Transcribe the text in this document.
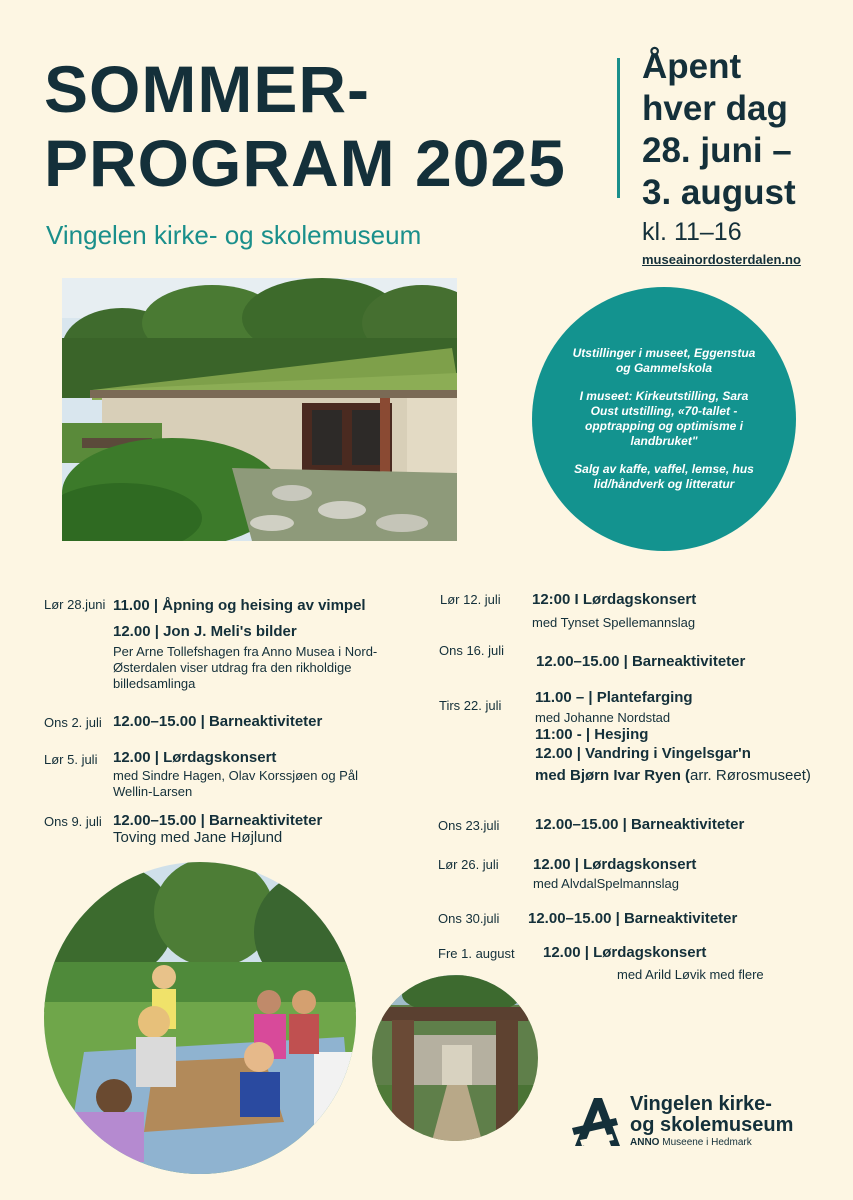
SOMMER-
PROGRAM 2025
Vingelen kirke- og skolemuseum
Åpent
hver dag
28. juni –
3. august
kl. 11–16
museainordosterdalen.no

Utstillinger i museet, Eggenstua og Gammelskola

I museet: Kirkeutstilling, Sara Oust utstilling, «70-tallet - opptrapping og optimisme i landbruket"

Salg av kaffe, vaffel, lemse, hus lid/håndverk og litteratur

Lør 28.juni 11.00 | Åpning og heising av vimpel
12.00 | Jon J. Meli's bilder
Per Arne Tollefshagen fra Anno Musea i Nord-Østerdalen viser utdrag fra den rikholdige billedsamlinga
Ons 2. juli 12.00–15.00 | Barneaktiviteter
Lør 5. juli 12.00 | Lørdagskonsert
med Sindre Hagen, Olav Korssjøen og Pål Wellin-Larsen
Ons 9. juli 12.00–15.00 | Barneaktiviteter
Toving med Jane Højlund
Lør 12. juli 12:00 I Lørdagskonsert
med Tynset Spellemannslag
Ons 16. juli
12.00–15.00 | Barneaktiviteter
Tirs 22. juli 11.00 – | Plantefarging
med Johanne Nordstad
11:00 - | Hesjing
12.00 | Vandring i Vingelsgar'n
med Bjørn Ivar Ryen (arr. Rørosmuseet)
Ons 23.juli 12.00–15.00 | Barneaktiviteter
Lør 26. juli 12.00 | Lørdagskonsert
med AlvdalSpelmannslag
Ons 30.juli 12.00–15.00 | Barneaktiviteter
Fre 1. august 12.00 | Lørdagskonsert
med Arild Løvik med flere
Vingelen kirke-
og skolemuseum
ANNO Museene i Hedmark
